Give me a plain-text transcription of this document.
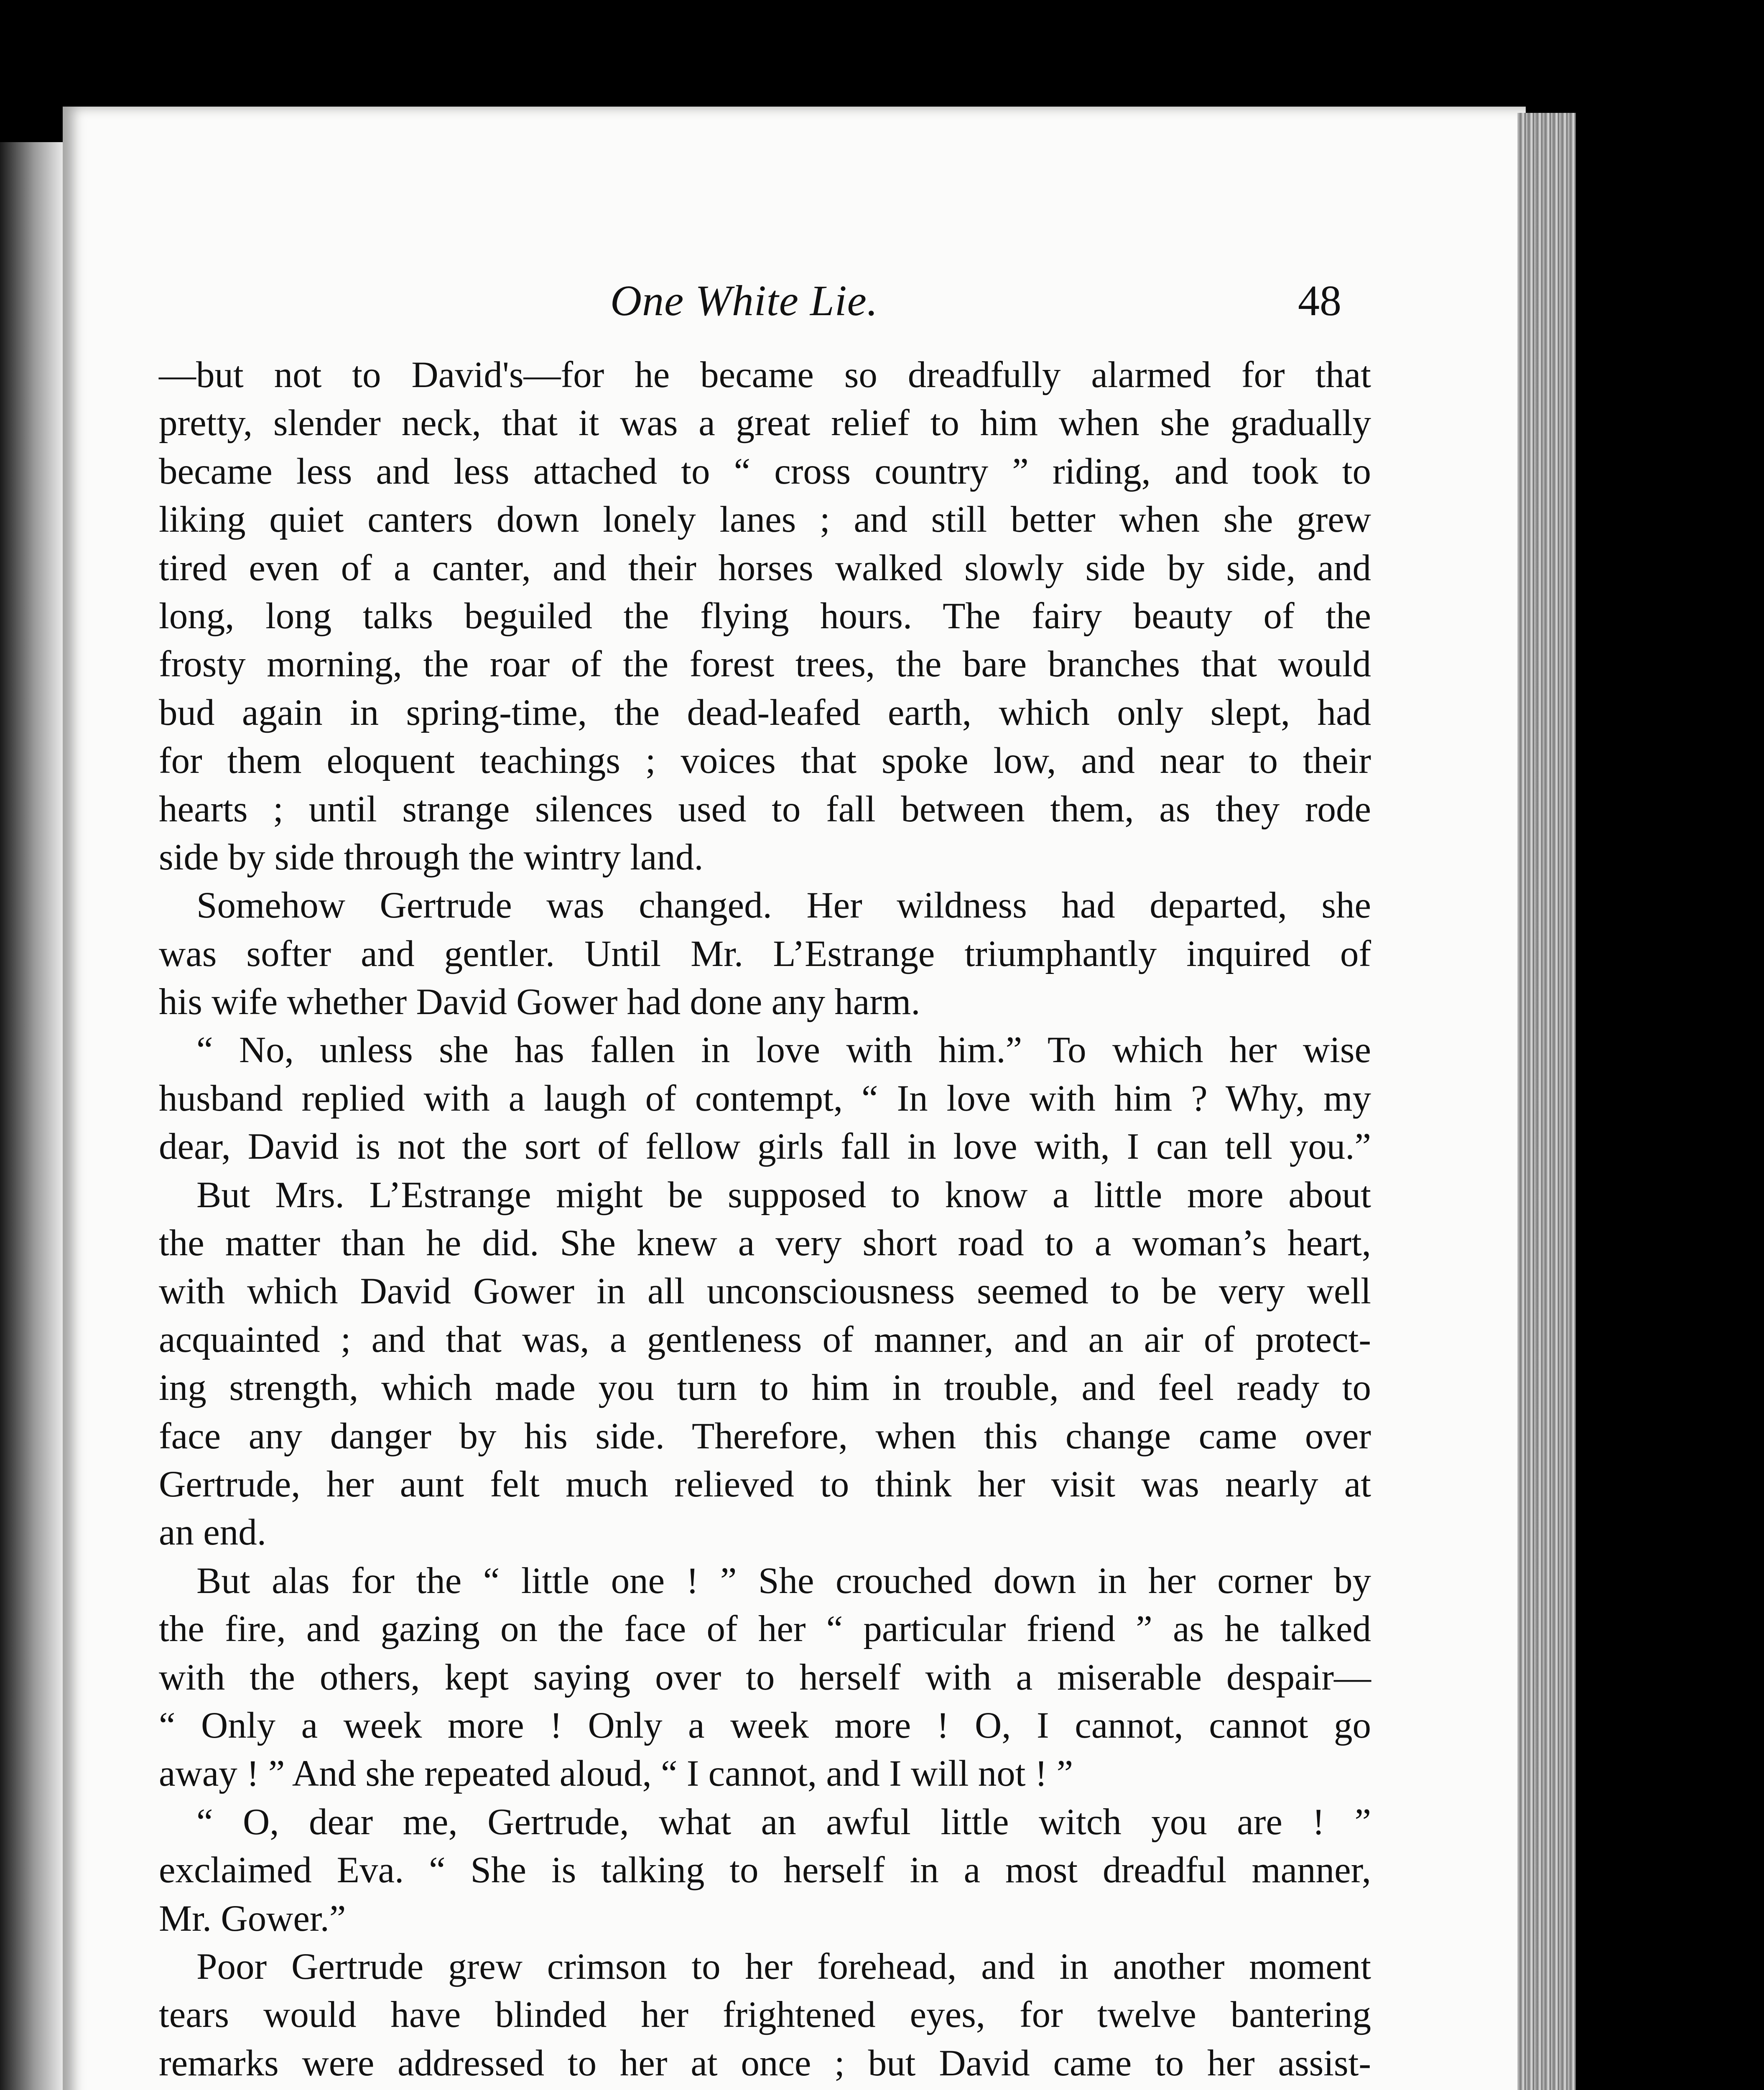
One White Lie.	48
—but not to David's—for he became so dreadfully alarmed for that
pretty, slender neck, that it was a great relief to him when she gradually
became less and less attached to “ cross country ” riding, and took to
liking quiet canters down lonely lanes ; and still better when she grew
tired even of a canter, and their horses walked slowly side by side, and
long, long talks beguiled the flying hours. The fairy beauty of the
frosty morning, the roar of the forest trees, the bare branches that would
bud again in spring-time, the dead-leafed earth, which only slept, had
for them eloquent teachings ; voices that spoke low, and near to their
hearts ; until strange silences used to fall between them, as they rode
side by side through the wintry land.
Somehow Gertrude was changed. Her wildness had departed, she
was softer and gentler. Until Mr. L’Estrange triumphantly inquired of
his wife whether David Gower had done any harm.
“ No, unless she has fallen in love with him.” To which her wise
husband replied with a laugh of contempt, “ In love with him ? Why, my
dear, David is not the sort of fellow girls fall in love with, I can tell you.”
But Mrs. L’Estrange might be supposed to know a little more about
the matter than he did. She knew a very short road to a woman’s heart,
with which David Gower in all unconsciousness seemed to be very well
acquainted ; and that was, a gentleness of manner, and an air of protect-
ing strength, which made you turn to him in trouble, and feel ready to
face any danger by his side. Therefore, when this change came over
Gertrude, her aunt felt much relieved to think her visit was nearly at
an end.
But alas for the “ little one ! ” She crouched down in her corner by
the fire, and gazing on the face of her “ particular friend ” as he talked
with the others, kept saying over to herself with a miserable despair—
“ Only a week more ! Only a week more ! O, I cannot, cannot go
away ! ” And she repeated aloud, “ I cannot, and I will not ! ”
“ O, dear me, Gertrude, what an awful little witch you are ! ”
exclaimed Eva. “ She is talking to herself in a most dreadful manner,
Mr. Gower.”
Poor Gertrude grew crimson to her forehead, and in another moment
tears would have blinded her frightened eyes, for twelve bantering
remarks were addressed to her at once ; but David came to her assist-
